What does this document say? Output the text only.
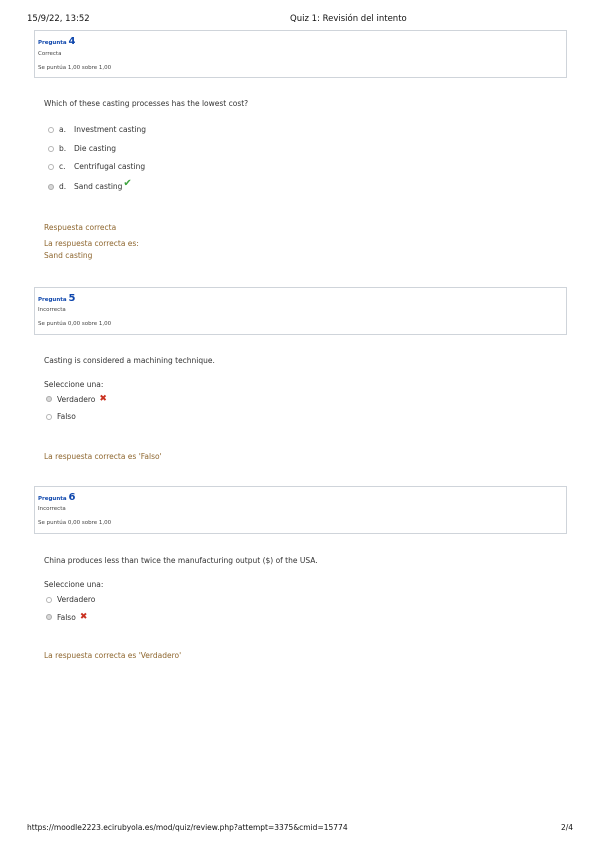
15/9/22, 13:52	Quiz 1: Revisión del intento
Pregunta 4
Correcta
Se puntúa 1,00 sobre 1,00
Which of these casting processes has the lowest cost?
a.	Investment casting
b.	Die casting
c.	Centrifugal casting
d.	Sand casting ✔
Respuesta correcta
La respuesta correcta es:
Sand casting
Pregunta 5
Incorrecta
Se puntúa 0,00 sobre 1,00
Casting is considered a machining technique.
Seleccione una:
Verdadero ✖
Falso
La respuesta correcta es 'Falso'
Pregunta 6
Incorrecta
Se puntúa 0,00 sobre 1,00
China produces less than twice the manufacturing output ($) of the USA.
Seleccione una:
Verdadero
Falso ✖
La respuesta correcta es 'Verdadero'
https://moodle2223.ecirubyola.es/mod/quiz/review.php?attempt=3375&cmid=15774	2/4
